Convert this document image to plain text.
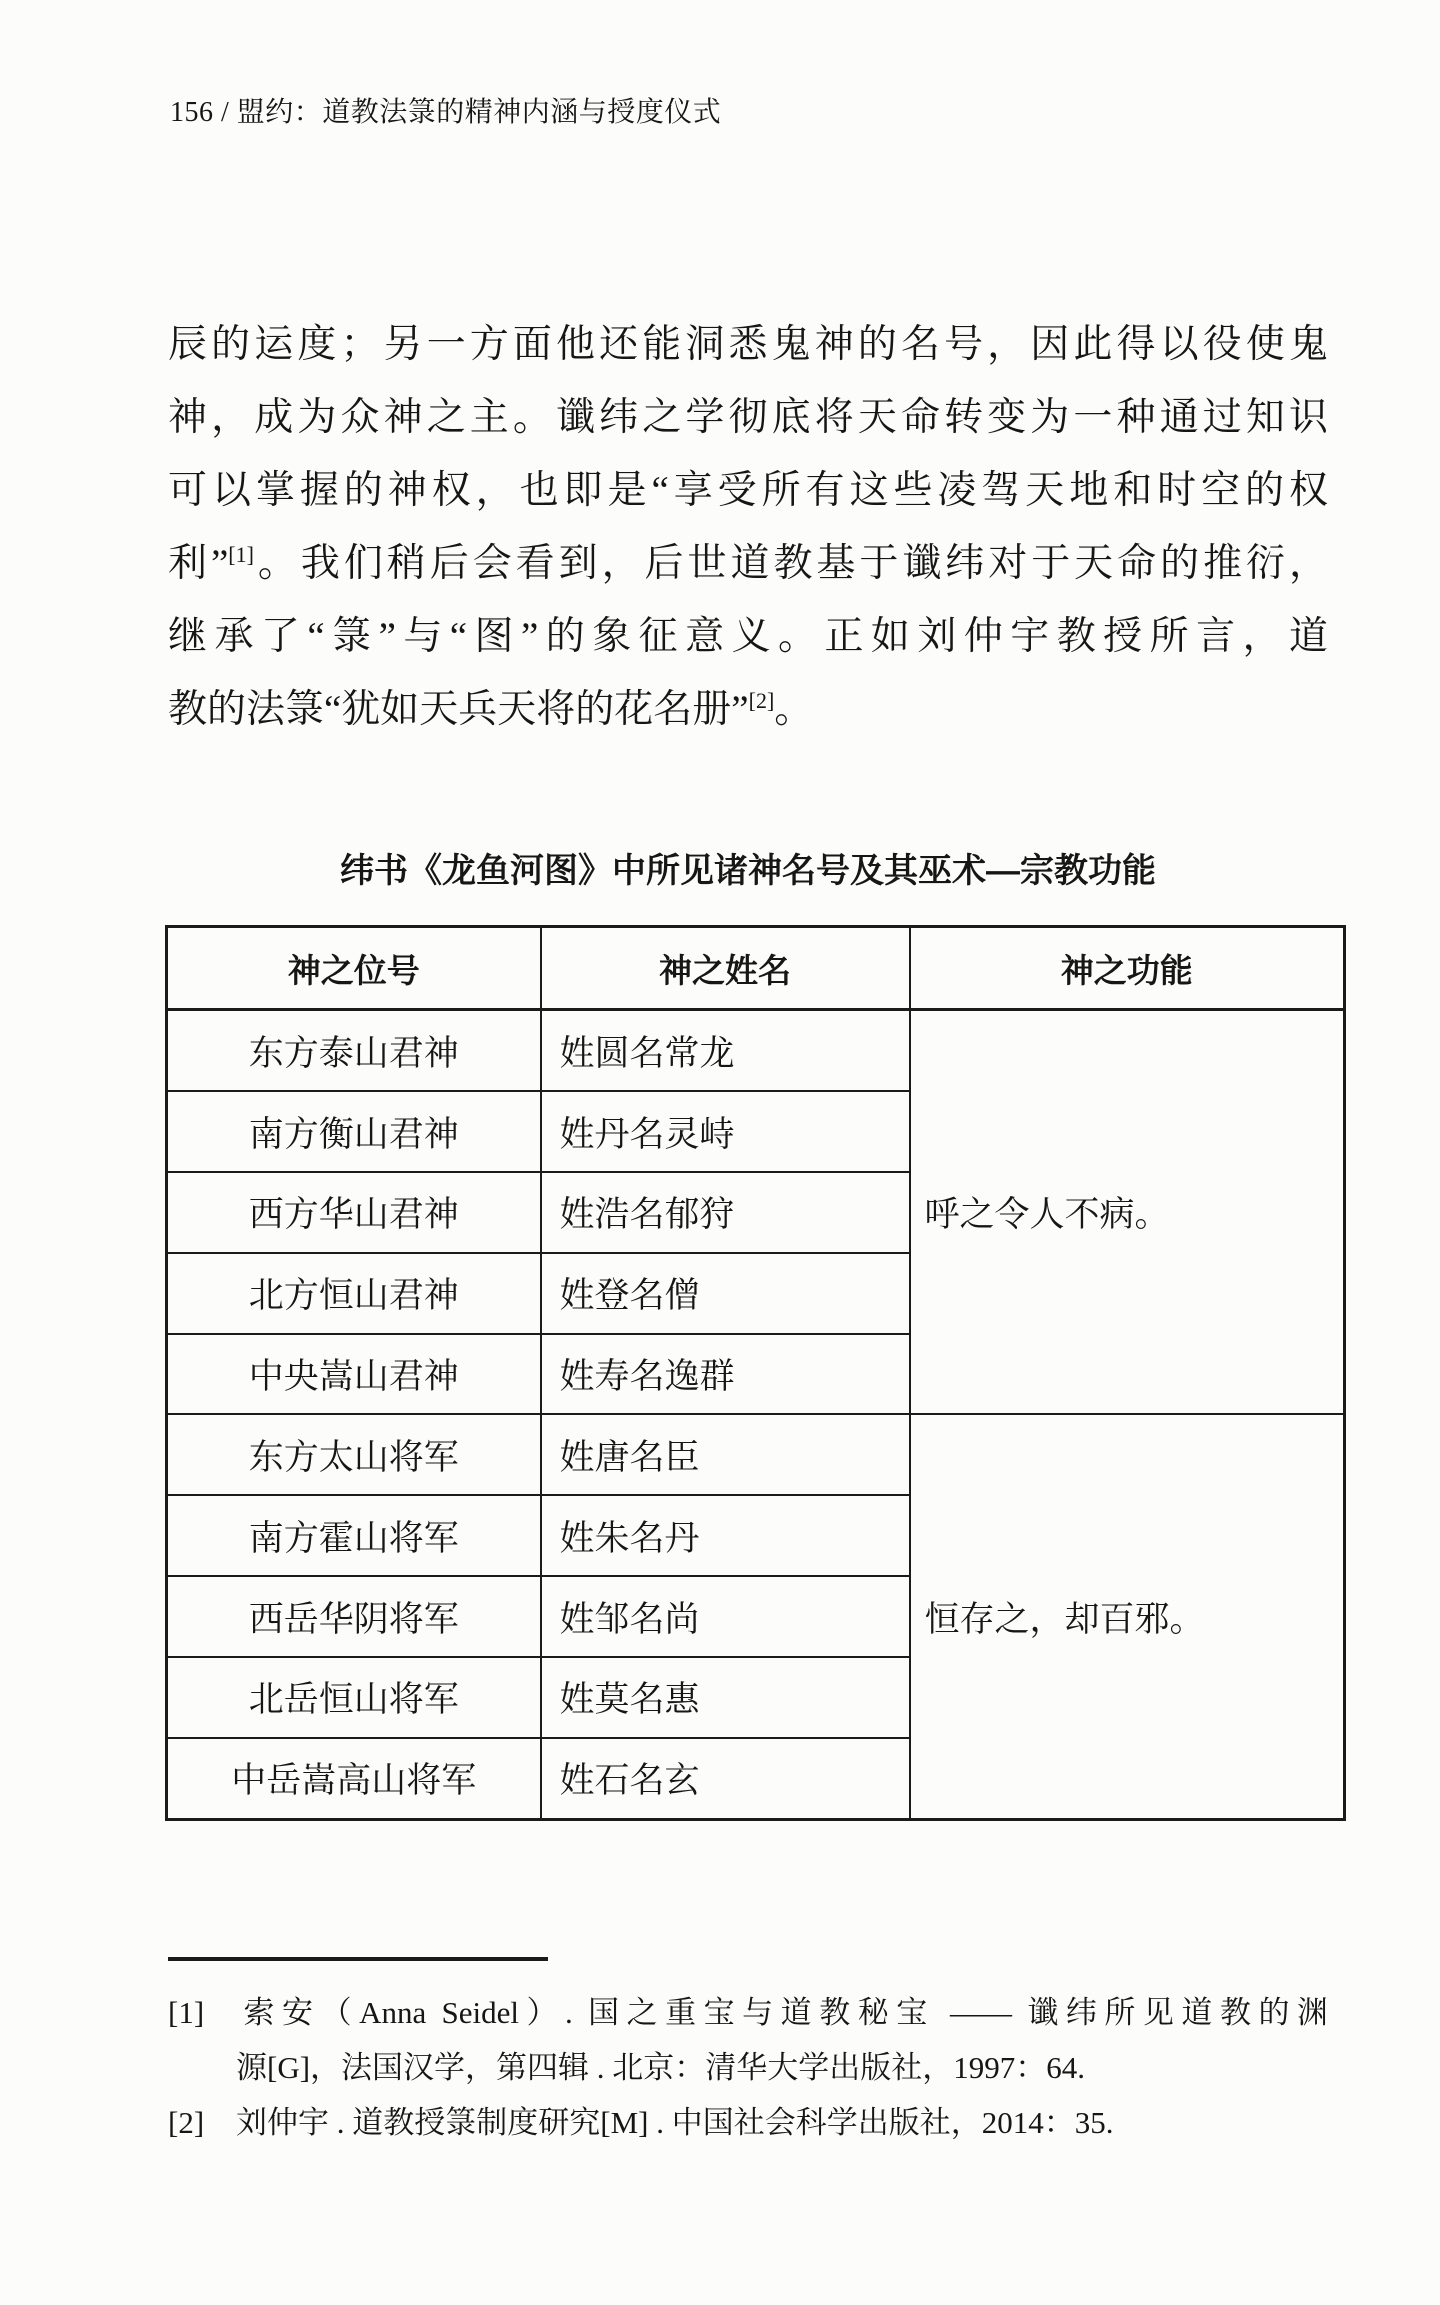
156 / 盟约：道教法箓的精神内涵与授度仪式
辰的运度；另一方面他还能洞悉鬼神的名号，因此得以役使鬼
神，成为众神之主。谶纬之学彻底将天命转变为一种通过知识
可以掌握的神权，也即是“享受所有这些凌驾天地和时空的权
利”[1]。我们稍后会看到，后世道教基于谶纬对于天命的推衍，
继承了“箓”与“图”的象征意义。正如刘仲宇教授所言，道
教的法箓“犹如天兵天将的花名册”[2]。
纬书《龙鱼河图》中所见诸神名号及其巫术—宗教功能
神之位号	神之姓名	神之功能
东方泰山君神	姓圆名常龙	呼之令人不病。
南方衡山君神	姓丹名灵峙	
西方华山君神	姓浩名郁狩	
北方恒山君神	姓登名僧	
中央嵩山君神	姓寿名逸群	
东方太山将军	姓唐名臣	恒存之，却百邪。
南方霍山将军	姓朱名丹	
西岳华阴将军	姓邹名尚	
北岳恒山将军	姓莫名惠	
中岳嵩高山将军	姓石名玄	
[1] 索安（Anna Seidel）. 国之重宝与道教秘宝 —— 谶纬所见道教的渊
源[G]，法国汉学，第四辑 . 北京：清华大学出版社，1997：64.
[2] 刘仲宇 . 道教授箓制度研究[M] . 中国社会科学出版社，2014：35.
